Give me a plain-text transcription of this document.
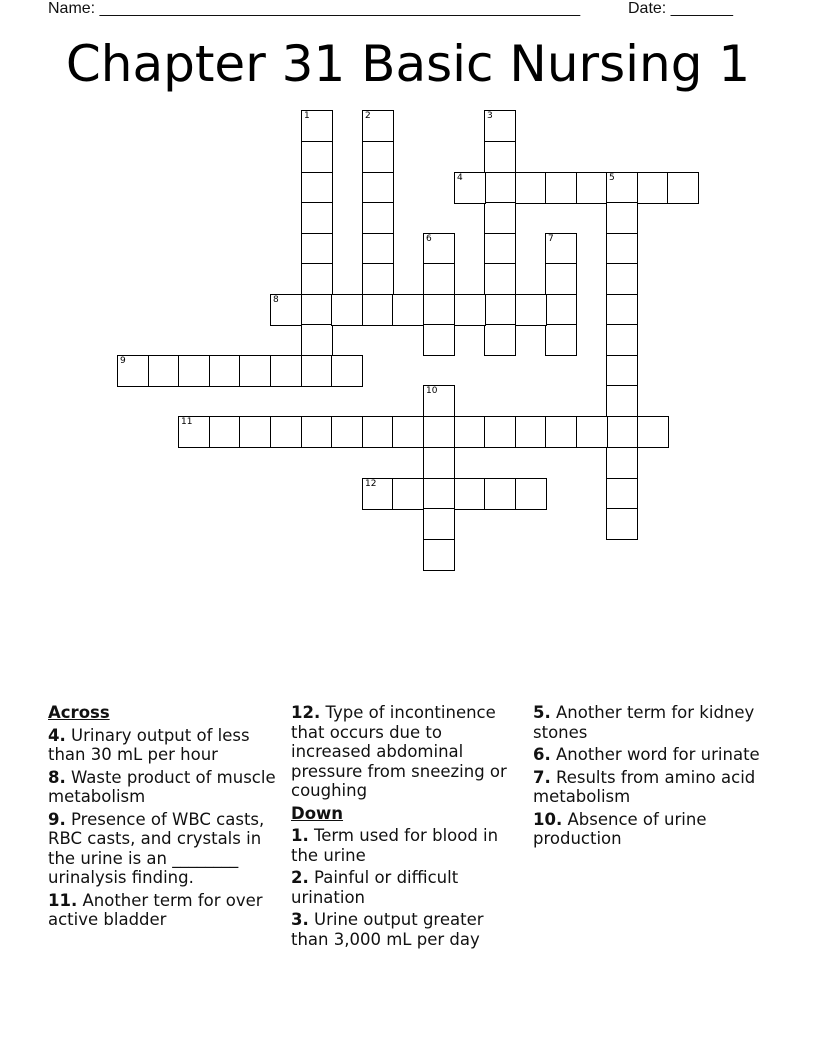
Name: ______________________________________________________	Date: _______
Chapter 31 Basic Nursing 1
1	2	3
4	5
6	7
8
9
10
11
12
Across
4. Urinary output of less than 30 mL per hour
8. Waste product of muscle metabolism
9. Presence of WBC casts, RBC casts, and crystals in the urine is an ________ urinalysis finding.
11. Another term for over active bladder
12. Type of incontinence that occurs due to increased abdominal pressure from sneezing or coughing
Down
1. Term used for blood in the urine
2. Painful or difficult urination
3. Urine output greater than 3,000 mL per day
5. Another term for kidney stones
6. Another word for urinate
7. Results from amino acid metabolism
10. Absence of urine production
